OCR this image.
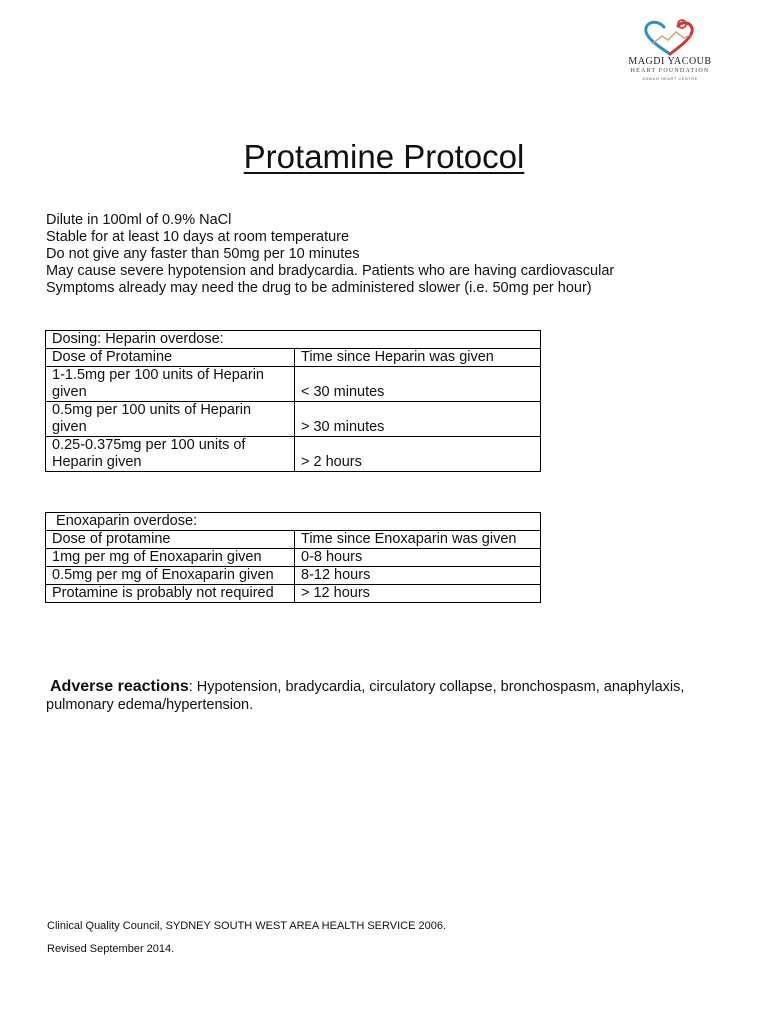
MAGDI YACOUB
HEART FOUNDATION
ASWAN HEART CENTRE
Protamine Protocol
Dilute in 100ml of 0.9% NaCl
Stable for at least 10 days at room temperature
Do not give any faster than 50mg per 10 minutes
May cause severe hypotension and bradycardia. Patients who are having cardiovascular
Symptoms already may need the drug to be administered slower (i.e. 50mg per hour)
Dosing: Heparin overdose:	
Dose of Protamine	Time since Heparin was given
1-1.5mg per 100 units of Heparin given	< 30 minutes
0.5mg per 100 units of Heparin given	> 30 minutes
0.25-0.375mg per 100 units of Heparin given	> 2 hours
Enoxaparin overdose:	
Dose of protamine	Time since Enoxaparin was given
1mg per mg of Enoxaparin given	0-8 hours
0.5mg per mg of Enoxaparin given	8-12 hours
Protamine is probably not required	> 12 hours
Adverse reactions: Hypotension, bradycardia, circulatory collapse, bronchospasm, anaphylaxis, pulmonary edema/hypertension.
Clinical Quality Council, SYDNEY SOUTH WEST AREA HEALTH SERVICE 2006.
Revised September 2014.
